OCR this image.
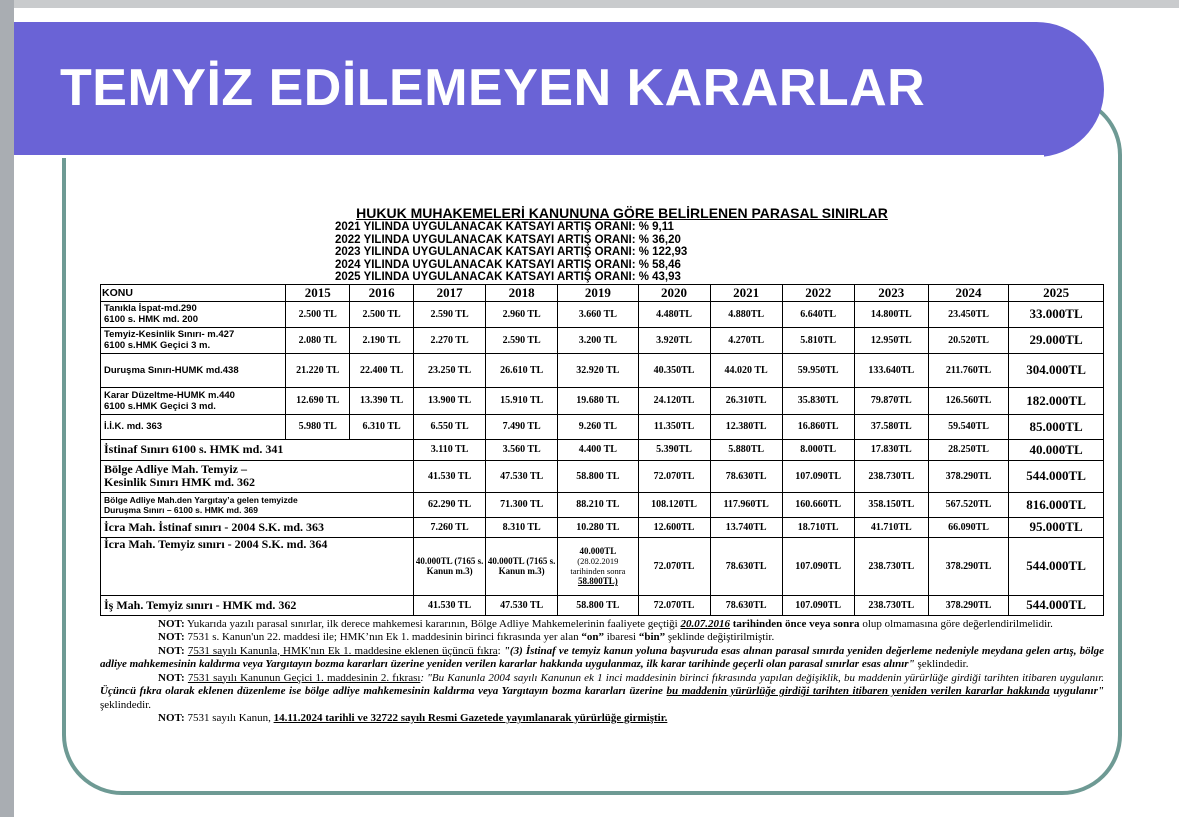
TEMYİZ EDİLEMEYEN KARARLAR
HUKUK MUHAKEMELERİ KANUNUNA GÖRE BELİRLENEN PARASAL SINIRLAR
2021 YILINDA UYGULANACAK KATSAYI ARTIŞ ORANI: % 9,11
2022 YILINDA UYGULANACAK KATSAYI ARTIŞ ORANI: % 36,20
2023 YILINDA UYGULANACAK KATSAYI ARTIŞ ORANI: % 122,93
2024 YILINDA UYGULANACAK KATSAYI ARTIŞ ORANI: % 58,46
2025 YILINDA UYGULANACAK KATSAYI ARTIŞ ORANI: % 43,93
KONU	2015	2016	2017	2018	2019	2020	2021	2022	2023	2024	2025
Tanıkla İspat-md.290
6100 s. HMK md. 200	2.500 TL	2.500 TL	2.590 TL	2.960 TL	3.660 TL	4.480TL	4.880TL	6.640TL	14.800TL	23.450TL	33.000TL
Temyiz-Kesinlik Sınırı- m.427
6100 s.HMK Geçici 3 m.	2.080 TL	2.190 TL	2.270 TL	2.590 TL	3.200 TL	3.920TL	4.270TL	5.810TL	12.950TL	20.520TL	29.000TL
Duruşma Sınırı-HUMK md.438	21.220 TL	22.400 TL	23.250 TL	26.610 TL	32.920 TL	40.350TL	44.020 TL	59.950TL	133.640TL	211.760TL	304.000TL
Karar Düzeltme-HUMK m.440
6100 s.HMK Geçici 3 md.	12.690 TL	13.390 TL	13.900 TL	15.910 TL	19.680 TL	24.120TL	26.310TL	35.830TL	79.870TL	126.560TL	182.000TL
İ.İ.K. md. 363	5.980 TL	6.310 TL	6.550 TL	7.490 TL	9.260 TL	11.350TL	12.380TL	16.860TL	37.580TL	59.540TL	85.000TL
İstinaf Sınırı 6100 s. HMK md. 341			3.110 TL	3.560 TL	4.400 TL	5.390TL	5.880TL	8.000TL	17.830TL	28.250TL	40.000TL
Bölge Adliye Mah. Temyiz –
Kesinlik Sınırı HMK md. 362			41.530 TL	47.530 TL	58.800 TL	72.070TL	78.630TL	107.090TL	238.730TL	378.290TL	544.000TL
Bölge Adliye Mah.den Yargıtay’a gelen temyizde
Duruşma Sınırı – 6100 s. HMK md. 369			62.290 TL	71.300 TL	88.210 TL	108.120TL	117.960TL	160.660TL	358.150TL	567.520TL	816.000TL
İcra Mah. İstinaf sınırı - 2004 S.K. md. 363			7.260 TL	8.310 TL	10.280 TL	12.600TL	13.740TL	18.710TL	41.710TL	66.090TL	95.000TL
İcra Mah. Temyiz sınırı - 2004 S.K. md. 364			40.000TL (7165 s. Kanun m.3)	40.000TL (7165 s. Kanun m.3)	40.000TL
(28.02.2019 tarihinden sonra
58.800TL)	72.070TL	78.630TL	107.090TL	238.730TL	378.290TL	544.000TL
İş Mah. Temyiz sınırı - HMK md. 362			41.530 TL	47.530 TL	58.800 TL	72.070TL	78.630TL	107.090TL	238.730TL	378.290TL	544.000TL

NOT: Yukarıda yazılı parasal sınırlar, ilk derece mahkemesi kararının, Bölge Adliye Mahkemelerinin faaliyete geçtiği 20.07.2016 tarihinden önce veya sonra olup olmamasına göre değerlendirilmelidir.

NOT: 7531 s. Kanun'un 22. maddesi ile; HMK’nın Ek 1. maddesinin birinci fıkrasında yer alan “on” ibaresi “bin” şeklinde değiştirilmiştir.

NOT: 7531 sayılı Kanunla, HMK'nın Ek 1. maddesine eklenen üçüncü fıkra: "(3) İstinaf ve temyiz kanun yoluna başvuruda esas alınan parasal sınırda yeniden değerleme nedeniyle meydana gelen artış, bölge adliye mahkemesinin kaldırma veya Yargıtayın bozma kararları üzerine yeniden verilen kararlar hakkında uygulanmaz, ilk karar tarihinde geçerli olan parasal sınırlar esas alınır" şeklindedir.

NOT: 7531 sayılı Kanunun Geçici 1. maddesinin 2. fıkrası: "Bu Kanunla 2004 sayılı Kanunun ek 1 inci maddesinin birinci fıkrasında yapılan değişiklik, bu maddenin yürürlüğe girdiği tarihten itibaren uygulanır. Üçüncü fıkra olarak eklenen düzenleme ise bölge adliye mahkemesinin kaldırma veya Yargıtayın bozma kararları üzerine bu maddenin yürürlüğe girdiği tarihten itibaren yeniden verilen kararlar hakkında uygulanır" şeklindedir.

NOT: 7531 sayılı Kanun, 14.11.2024 tarihli ve 32722 sayılı Resmi Gazetede yayımlanarak yürürlüğe girmiştir.
